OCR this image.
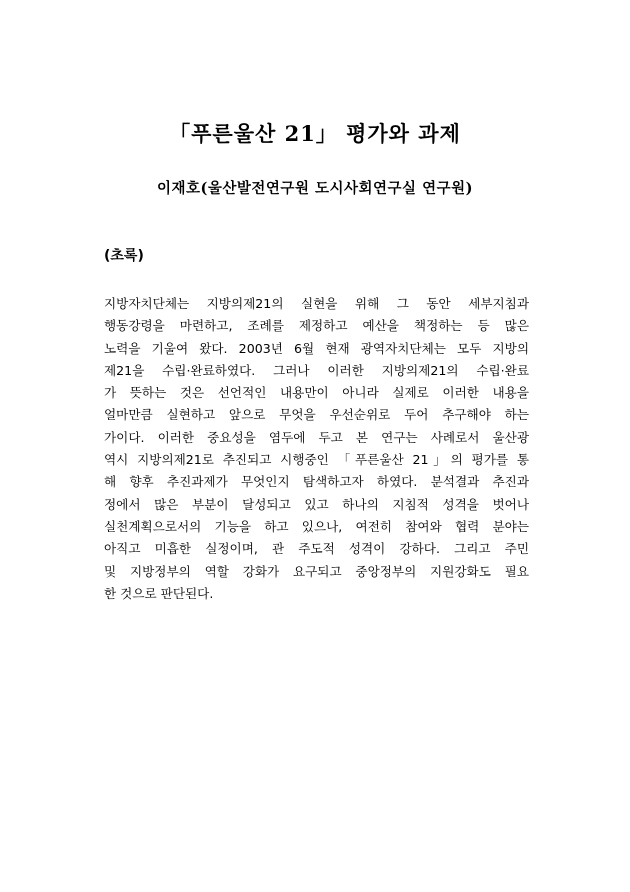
「푸른울산 21」 평가와 과제
이재호(울산발전연구원 도시사회연구실 연구원)
(초록)
지방자치단체는 지방의제21의 실현을 위해 그 동안 세부지침과
행동강령을 마련하고, 조례를 제정하고 예산을 책정하는 등 많은
노력을 기울여 왔다. 2003년 6월 현재 광역자치단체는 모두 지방의
제21을 수립·완료하였다. 그러나 이러한 지방의제21의 수립·완료
가 뜻하는 것은 선언적인 내용만이 아니라 실제로 이러한 내용을
얼마만큼 실현하고 앞으로 무엇을 우선순위로 두어 추구해야 하는
가이다. 이러한 중요성을 염두에 두고 본 연구는 사례로서 울산광
역시 지방의제21로 추진되고 시행중인 「푸른울산 21」의 평가를 통
해 향후 추진과제가 무엇인지 탐색하고자 하였다. 분석결과 추진과
정에서 많은 부분이 달성되고 있고 하나의 지침적 성격을 벗어나
실천계획으로서의 기능을 하고 있으나, 여전히 참여와 협력 분야는
아직고 미흡한 실정이며, 관 주도적 성격이 강하다. 그리고 주민
및 지방정부의 역할 강화가 요구되고 중앙정부의 지원강화도 필요
한 것으로 판단된다.
